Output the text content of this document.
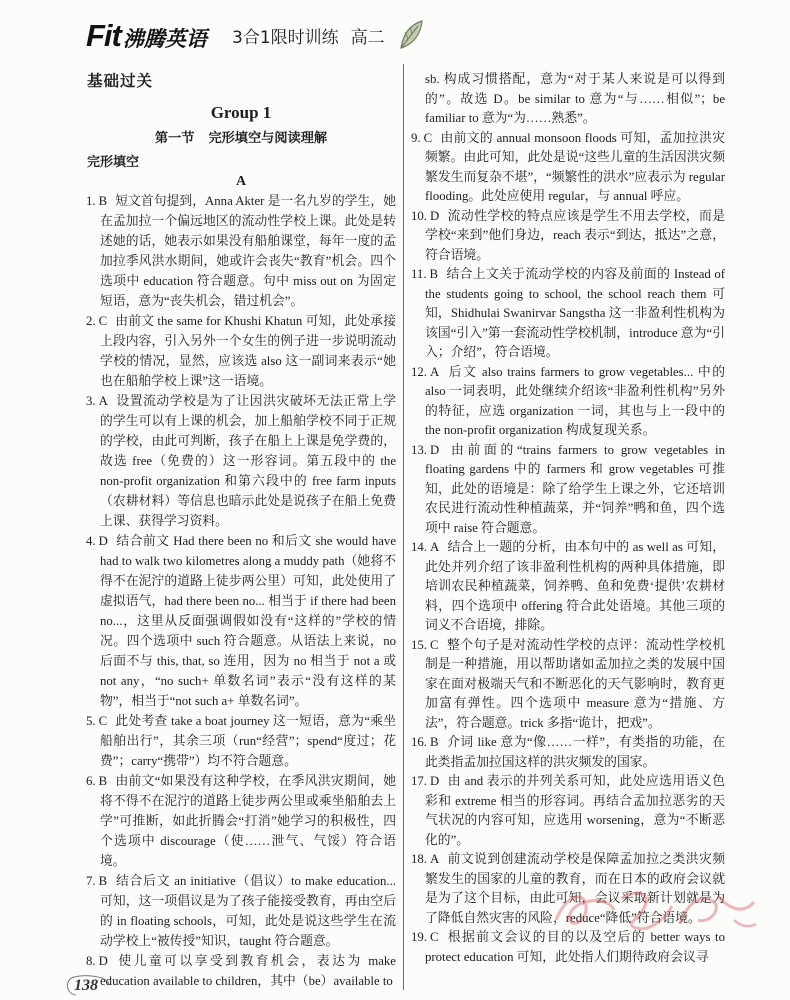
Fit沸腾英语 3合1限时训练 高二
基础过关
Group 1
第一节 完形填空与阅读理解
完形填空
A

1. B 短文首句提到，Anna Akter 是一名九岁的学生，她在孟加拉一个偏远地区的流动性学校上课。此处是转述她的话，她表示如果没有船舶课堂，每年一度的孟加拉季风洪水期间，她或许会丧失“教育”机会。四个选项中 education 符合题意。句中 miss out on 为固定短语，意为“丧失机会，错过机会”。

2. C 由前文 the same for Khushi Khatun 可知，此处承接上段内容，引入另外一个女生的例子进一步说明流动学校的情况，显然，应该选 also 这一副词来表示“她也在船舶学校上课”这一语境。

3. A 设置流动学校是为了让因洪灾破坏无法正常上学的学生可以有上课的机会，加上船舶学校不同于正规的学校，由此可判断，孩子在船上上课是免学费的，故选 free（免费的）这一形容词。第五段中的 the non-profit organization 和第六段中的 free farm inputs（农耕材料）等信息也暗示此处是说孩子在船上免费上课、获得学习资料。

4. D 结合前文 Had there been no 和后文 she would have had to walk two kilometres along a muddy path（她将不得不在泥泞的道路上徒步两公里）可知，此处使用了虚拟语气，had there been no... 相当于 if there had been no...，这里从反面强调假如没有“这样的”学校的情况。四个选项中 such 符合题意。从语法上来说，no 后面不与 this, that, so 连用，因为 no 相当于 not a 或 not any，“no such+ 单数名词”表示“没有这样的某物”，相当于“not such a+ 单数名词”。

5. C 此处考查 take a boat journey 这一短语，意为“乘坐船舶出行”，其余三项（run“经营”；spend“度过；花费”；carry“携带”）均不符合题意。

6. B 由前文“如果没有这种学校，在季风洪灾期间，她将不得不在泥泞的道路上徒步两公里或乘坐船舶去上学”可推断，如此折腾会“打消”她学习的积极性，四个选项中 discourage（使……泄气、气馁）符合语境。

7. B 结合后文 an initiative（倡议）to make education... 可知，这一项倡议是为了孩子能接受教育，再由空后的 in floating schools，可知，此处是说这些学生在流动学校上“被传授”知识，taught 符合题意。

8. D 使儿童可以享受到教育机会，表达为 make education available to children，其中（be）available to

sb. 构成习惯搭配，意为“对于某人来说是可以得到的”。故选 D。be similar to 意为“与……相似”；be familiar to 意为“为……熟悉”。

9. C 由前文的 annual monsoon floods 可知，孟加拉洪灾频繁。由此可知，此处是说“这些儿童的生活因洪灾频繁发生而复杂不堪”，“频繁性的洪水”应表示为 regular flooding。此处应使用 regular，与 annual 呼应。

10. D 流动性学校的特点应该是学生不用去学校，而是学校“来到”他们身边，reach 表示“到达，抵达”之意，符合语境。

11. B 结合上文关于流动学校的内容及前面的 Instead of the students going to school, the school reach them 可知，Shidhulai Swanirvar Sangstha 这一非盈利性机构为该国“引入”第一套流动性学校机制，introduce 意为“引入；介绍”，符合语境。

12. A 后文 also trains farmers to grow vegetables... 中的 also 一词表明，此处继续介绍该“非盈利性机构”另外的特征，应选 organization 一词，其也与上一段中的 the non-profit organization 构成复现关系。

13. D 由前面的“trains farmers to grow vegetables in floating gardens 中的 farmers 和 grow vegetables 可推知，此处的语境是：除了给学生上课之外，它还培训农民进行流动性种植蔬菜，并“饲养”鸭和鱼，四个选项中 raise 符合题意。

14. A 结合上一题的分析，由本句中的 as well as 可知，此处并列介绍了该非盈利性机构的两种具体措施，即培训农民种植蔬菜，饲养鸭、鱼和免费‘提供’农耕材料，四个选项中 offering 符合此处语境。其他三项的词义不合语境，排除。

15. C 整个句子是对流动性学校的点评：流动性学校机制是一种措施，用以帮助诸如孟加拉之类的发展中国家在面对极端天气和不断恶化的天气影响时，教育更加富有弹性。四个选项中 measure 意为“措施、方法”，符合题意。trick 多指“诡计，把戏”。

16. B 介词 like 意为“像……一样”，有类指的功能，在此类指孟加拉国这样的洪灾频发的国家。

17. D 由 and 表示的并列关系可知，此处应选用语义色彩和 extreme 相当的形容词。再结合孟加拉恶劣的天气状况的内容可知，应选用 worsening，意为“不断恶化的”。

18. A 前文说到创建流动学校是保障孟加拉之类洪灾频繁发生的国家的儿童的教育，而在日本的政府会议就是为了这个目标，由此可知，会议采取新计划就是为了降低自然灾害的风险，reduce“降低”符合语境。

19. C 根据前文会议的目的以及空后的 better ways to protect education 可知，此处指人们期待政府会议寻

138
